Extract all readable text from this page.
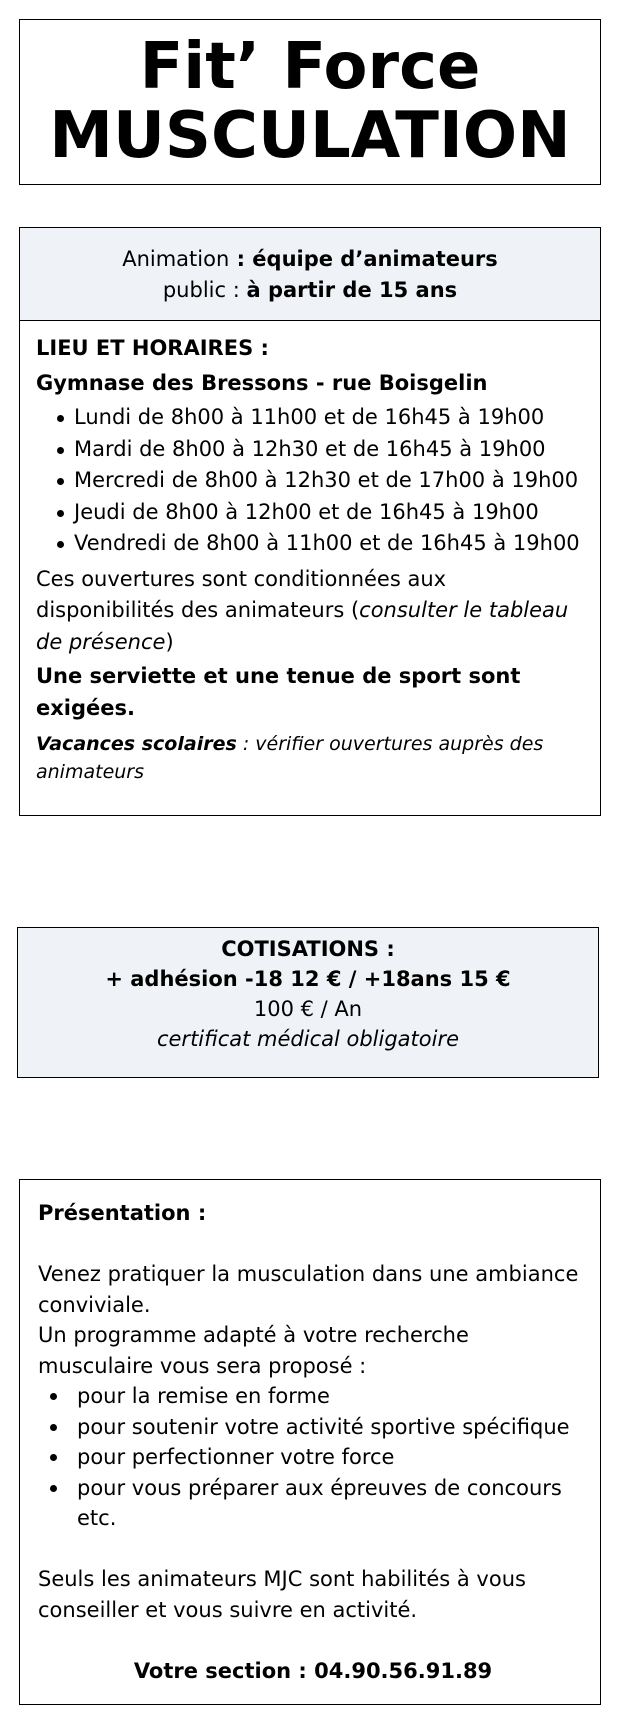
Fit’ Force
MUSCULATION
Animation : équipe d’animateurs
public : à partir de 15 ans
LIEU ET HORAIRES :
Gymnase des Bressons - rue Boisgelin
Lundi de 8h00 à 11h00 et de 16h45 à 19h00
Mardi de 8h00 à 12h30 et de 16h45 à 19h00
Mercredi de 8h00 à 12h30 et de 17h00 à 19h00
Jeudi de 8h00 à 12h00 et de 16h45 à 19h00
Vendredi de 8h00 à 11h00 et de 16h45 à 19h00
Ces ouvertures sont conditionnées aux disponibilités des animateurs (consulter le tableau de présence)
Une serviette et une tenue de sport sont exigées.
Vacances scolaires : vérifier ouvertures auprès des animateurs
COTISATIONS :
+ adhésion -18 12 € / +18ans 15 €
100 € / An
certificat médical obligatoire
Présentation :
Venez pratiquer la musculation dans une ambiance conviviale.
Un programme adapté à votre recherche musculaire vous sera proposé :
pour la remise en forme
pour soutenir votre activité sportive spécifique
pour perfectionner votre force
pour vous préparer aux épreuves de concours etc.
Seuls les animateurs MJC sont habilités à vous conseiller et vous suivre en activité.
Votre section : 04.90.56.91.89
